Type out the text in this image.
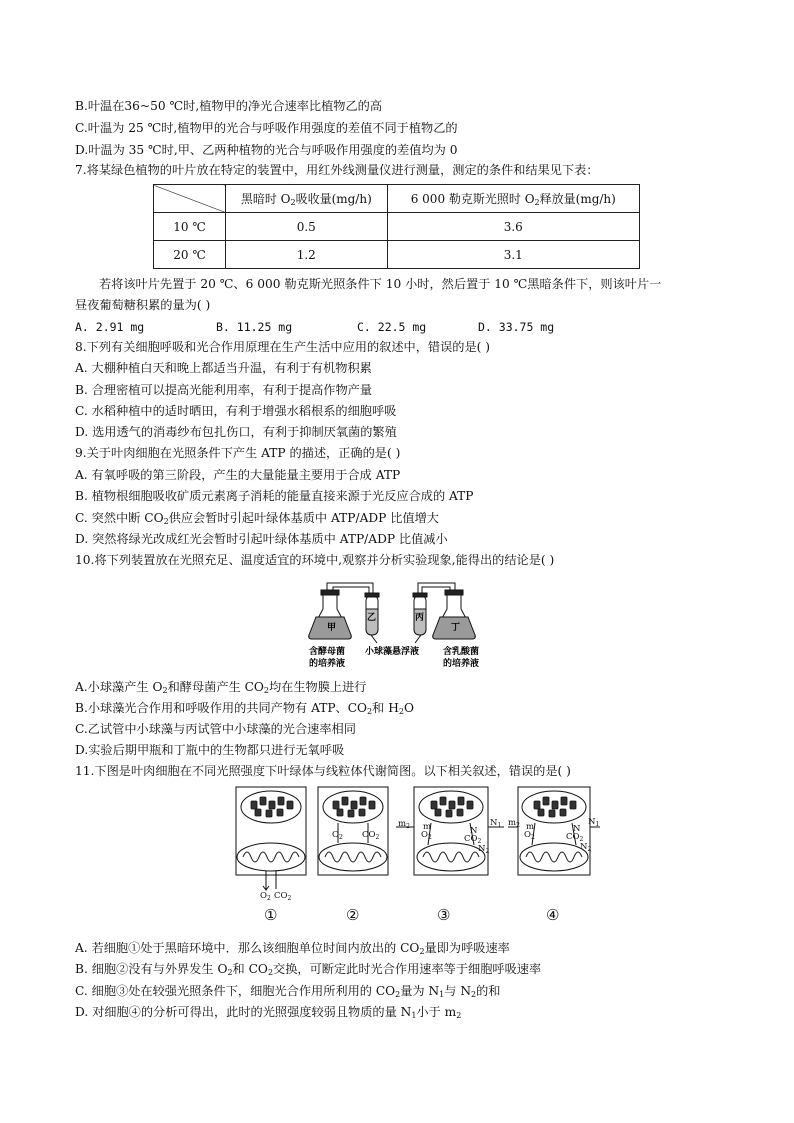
B.叶温在36~50 ℃时,植物甲的净光合速率比植物乙的高
C.叶温为 25 ℃时,植物甲的光合与呼吸作用强度的差值不同于植物乙的
D.叶温为 35 ℃时,甲、乙两种植物的光合与呼吸作用强度的差值均为 0
7.将某绿色植物的叶片放在特定的装置中，用红外线测量仪进行测量，测定的条件和结果见下表：
	黑暗时 $O_2$吸收量(mg/h)	6 000 勒克斯光照时 $O_2$释放量(mg/h)
10 ℃	0.5	3.6
20 ℃	1.2	3.1
若将该叶片先置于 20 ℃、6 000 勒克斯光照条件下 10 小时，然后置于 10 ℃黑暗条件下，则该叶片一
昼夜葡萄糖积累的量为( )
A. 2.91 mg	B. 11.25 mg	C. 22.5 mg	D. 33.75 mg
8.下列有关细胞呼吸和光合作用原理在生产生活中应用的叙述中，错误的是( )
A. 大棚种植白天和晚上都适当升温，有利于有机物积累
B. 合理密植可以提高光能利用率，有利于提高作物产量
C. 水稻种植中的适时晒田，有利于增强水稻根系的细胞呼吸
D. 选用透气的消毒纱布包扎伤口，有利于抑制厌氧菌的繁殖
9.关于叶肉细胞在光照条件下产生 ATP 的描述，正确的是( )
A. 有氧呼吸的第三阶段，产生的大量能量主要用于合成 ATP
B. 植物根细胞吸收矿质元素离子消耗的能量直接来源于光反应合成的 ATP
C. 突然中断 $CO_2$供应会暂时引起叶绿体基质中 ATP/ADP 比值增大
D. 突然将绿光改成红光会暂时引起叶绿体基质中 ATP/ADP 比值减小
10.将下列装置放在光照充足、温度适宜的环境中,观察并分析实验现象,能得出的结论是( )
甲
乙	丙
丁
含酵母菌
的培养液
小球藻悬浮液	含乳酸菌
的培养液
A.小球藻产生 $O_2$和酵母菌产生 $CO_2$均在生物膜上进行
B.小球藻光合作用和呼吸作用的共同产物有 ATP、$CO_2$和 $H_2O$
C.乙试管中小球藻与丙试管中小球藻的光合速率相同
D.实验后期甲瓶和丁瓶中的生物都只进行无氧呼吸
11.下图是叶肉细胞在不同光照强度下叶绿体与线粒体代谢简图。以下相关叙述，错误的是( )
$O_2$ $CO_2$
$O_2$ $CO_2$
$m_2$ m
$O_2$
N
$N_1$
$CO_2$
$N_2$
$m_2$ m
$O_2$
N
$N_1$
$CO_2$
$N_2$
①	②	③	④
A. 若细胞①处于黑暗环境中．那么该细胞单位时间内放出的 $CO_2$量即为呼吸速率
B. 细胞②没有与外界发生 $O_2$和 $CO_2$交换，可断定此时光合作用速率等于细胞呼吸速率
C. 细胞③处在较强光照条件下，细胞光合作用所利用的 $CO_2$量为 $N_1$与 $N_2$的和
D. 对细胞④的分析可得出，此时的光照强度较弱且物质的量 $N_1$小于 $m_2$
